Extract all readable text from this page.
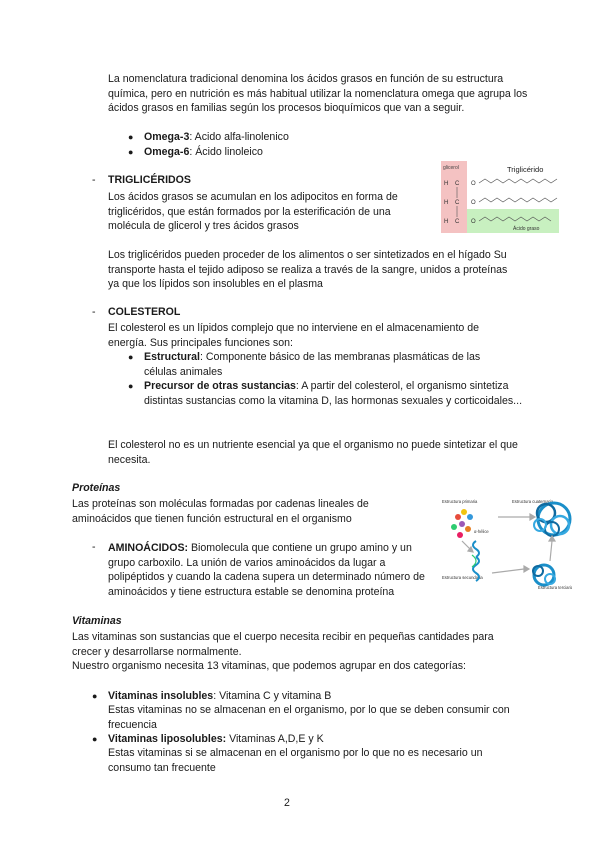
La nomenclatura tradicional denomina los ácidos grasos en función de su estructura química, pero en nutrición es más habitual utilizar la nomenclatura omega que agrupa los ácidos grasos en familias según los procesos bioquímicos que van a seguir.
● Omega-3: Acido alfa-linolenico
● Omega-6: Ácido linoleico
- TRIGLICÉRIDOS
Los ácidos grasos se acumulan en los adipocitos en forma de triglicéridos, que están formados por la esterificación de una molécula de glicerol y tres ácidos grasos
Los triglicéridos pueden proceder de los alimentos o ser sintetizados en el hígado Su transporte hasta el tejido adiposo se realiza a través de la sangre, unidos a proteínas ya que los lípidos son insolubles en el plasma
glicerol	Triglicérido
Ácido graso
H C
H C
H C
O
O
O
- COLESTEROL
El colesterol es un lípidos complejo que no interviene en el almacenamiento de energía. Sus principales funciones son:
● Estructural: Componente básico de las membranas plasmáticas de las células animales
● Precursor de otras sustancias: A partir del colesterol, el organismo sintetiza distintas sustancias como la vitamina D, las hormonas sexuales y corticoidales...
El colesterol no es un nutriente esencial ya que el organismo no puede sintetizar el que necesita.
Proteínas
Las proteínas son moléculas formadas por cadenas lineales de aminoácidos que tienen función estructural en el organismo
- AMINOÁCIDOS: Biomolecula que contiene un grupo amino y un grupo carboxilo. La unión de varios aminoácidos da lugar a polipéptidos y cuando la cadena supera un determinado número de aminoácidos y tiene estructura estable se denomina proteína
Estructura primaria
α-hélice
Estructura cuaternaria
Estructura secundaria
Estructura terciaria
Vitaminas
Las vitaminas son sustancias que el cuerpo necesita recibir en pequeñas cantidades para crecer y desarrollarse normalmente.
Nuestro organismo necesita 13 vitaminas, que podemos agrupar en dos categorías:
● Vitaminas insolubles: Vitamina C y vitamina B
Estas vitaminas no se almacenan en el organismo, por lo que se deben consumir con frecuencia
● Vitaminas liposolubles: Vitaminas A,D,E y K
Estas vitaminas si se almacenan en el organismo por lo que no es necesario un consumo tan frecuente
2
